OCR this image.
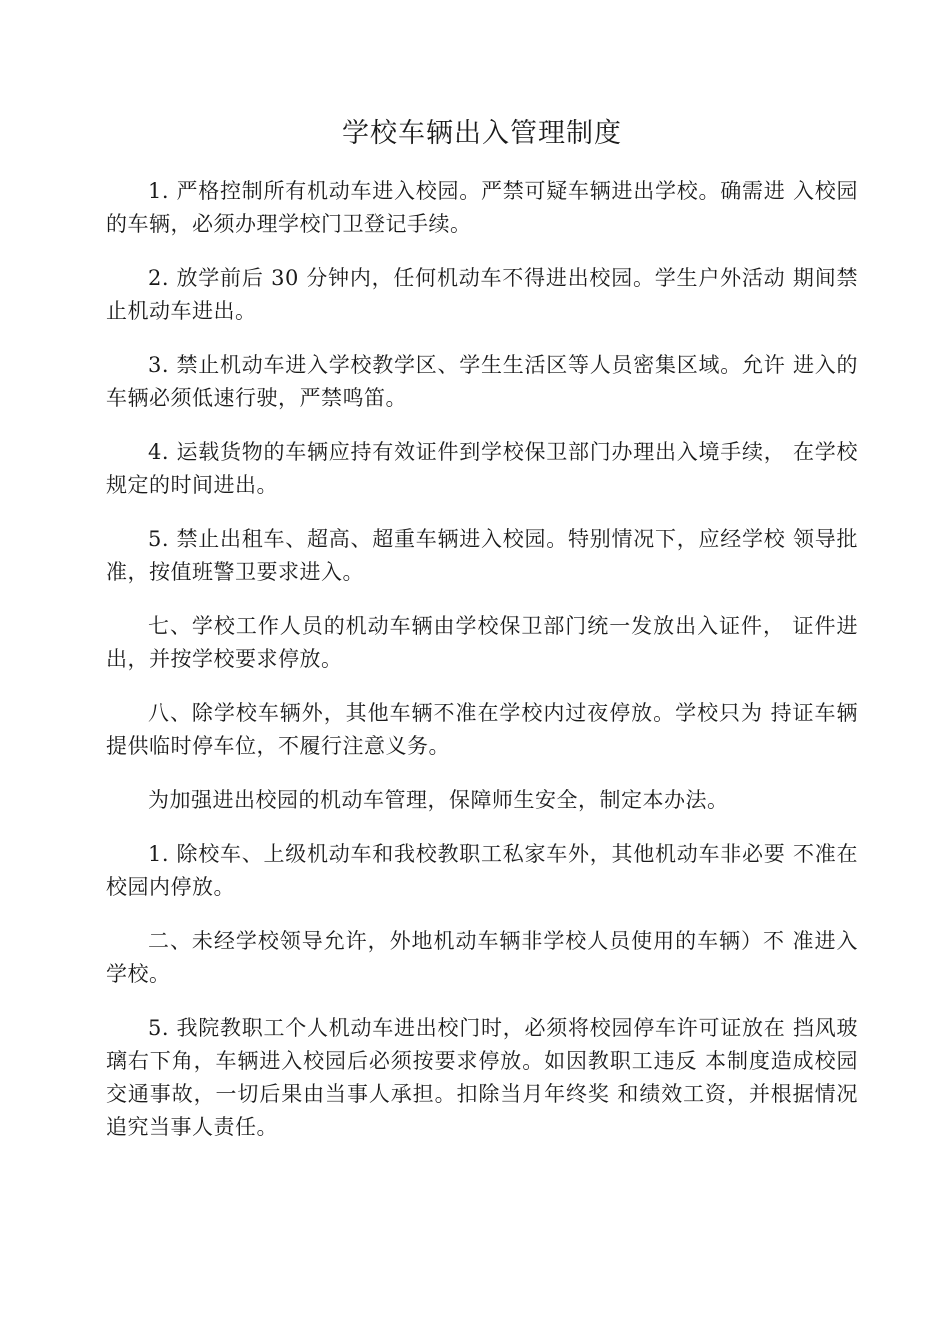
学校车辆出入管理制度

1. 严格控制所有机动车进入校园。严禁可疑车辆进出学校。确需进 入校园的车辆，必须办理学校门卫登记手续。

2. 放学前后 30 分钟内，任何机动车不得进出校园。学生户外活动 期间禁止机动车进出。

3. 禁止机动车进入学校教学区、学生生活区等人员密集区域。允许 进入的车辆必须低速行驶，严禁鸣笛。

4. 运载货物的车辆应持有效证件到学校保卫部门办理出入境手续， 在学校规定的时间进出。

5. 禁止出租车、超高、超重车辆进入校园。特别情况下，应经学校 领导批准，按值班警卫要求进入。

七、学校工作人员的机动车辆由学校保卫部门统一发放出入证件， 证件进出，并按学校要求停放。

八、除学校车辆外，其他车辆不准在学校内过夜停放。学校只为 持证车辆提供临时停车位，不履行注意义务。

为加强进出校园的机动车管理，保障师生安全，制定本办法。

1. 除校车、上级机动车和我校教职工私家车外，其他机动车非必要 不准在校园内停放。

二、未经学校领导允许，外地机动车辆非学校人员使用的车辆）不 准进入学校。

5. 我院教职工个人机动车进出校门时，必须将校园停车许可证放在 挡风玻璃右下角，车辆进入校园后必须按要求停放。如因教职工违反 本制度造成校园交通事故，一切后果由当事人承担。扣除当月年终奖 和绩效工资，并根据情况追究当事人责任。
